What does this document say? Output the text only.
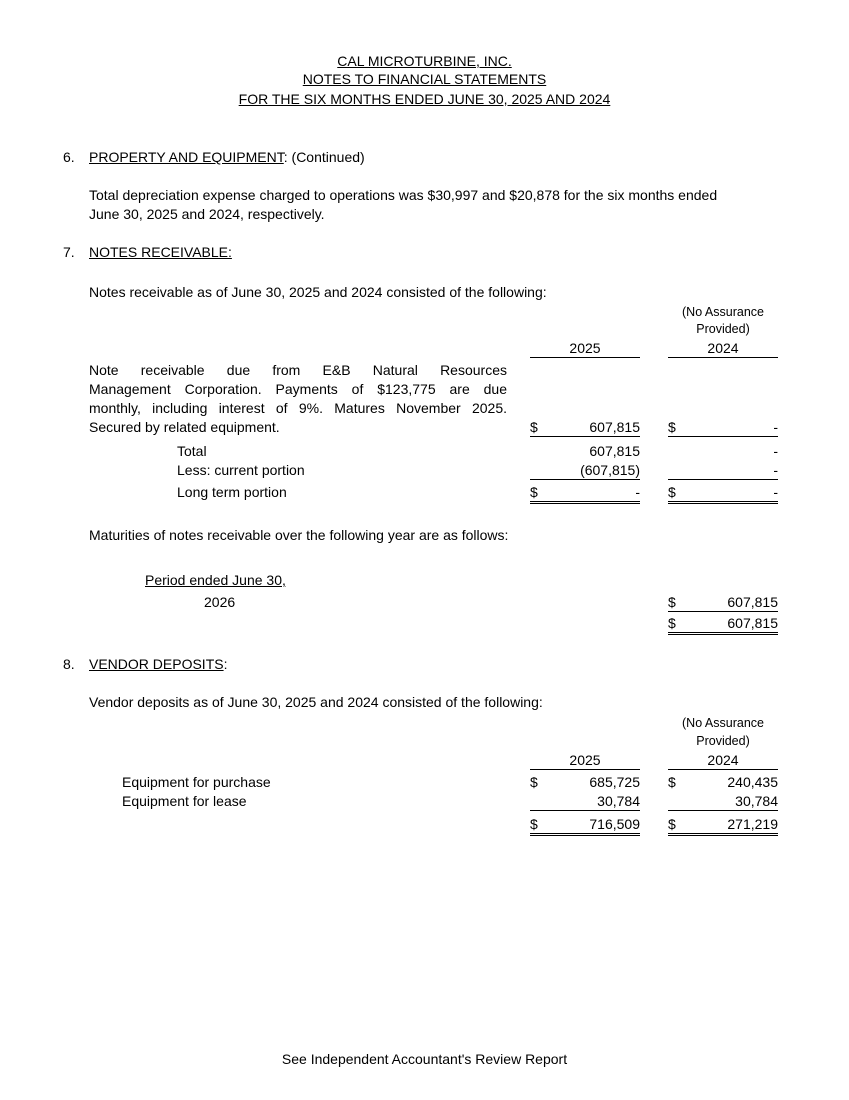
CAL MICROTURBINE, INC.
NOTES TO FINANCIAL STATEMENTS
FOR THE SIX MONTHS ENDED JUNE 30, 2025 AND 2024
6. PROPERTY AND EQUIPMENT: (Continued)
Total depreciation expense charged to operations was $30,997 and $20,878 for the six months ended
June 30, 2025 and 2024, respectively.
7. NOTES RECEIVABLE:
Notes receivable as of June 30, 2025 and 2024 consisted of the following:
(No Assurance
Provided)
2025	2024
Note receivable due from E&B Natural Resources
Management Corporation. Payments of $123,775 are due
monthly, including interest of 9%. Matures November 2025.
Secured by related equipment.	$	607,815 $	-
Total	607,815	-
Less: current portion	(607,815)	-
Long term portion	$	- $	-
Maturities of notes receivable over the following year are as follows:
Period ended June 30,
2026	$	607,815
$	607,815
8. VENDOR DEPOSITS:
Vendor deposits as of June 30, 2025 and 2024 consisted of the following:
(No Assurance
Provided)
2025	2024
Equipment for purchase	$	685,725 $	240,435
Equipment for lease	30,784	30,784
$	716,509 $	271,219
See Independent Accountant's Review Report
